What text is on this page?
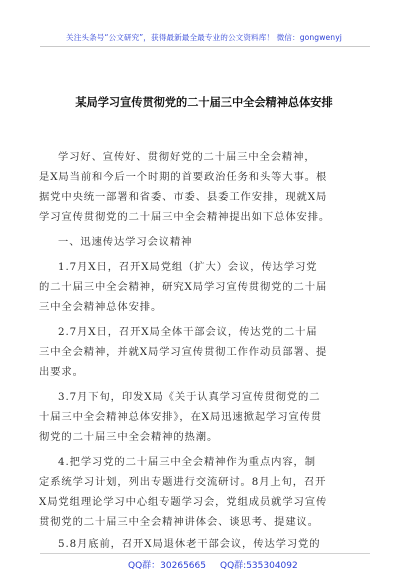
关注头条号“公文研究”，获得最新最全最专业的公文资料库！ 微信：gongwenyj
某局学习宣传贯彻党的二十届三中全会精神总体安排
学习好、宣传好、贯彻好党的二十届三中全会精神，
是X局当前和今后一个时期的首要政治任务和头等大事。根
据党中央统一部署和省委、市委、县委工作安排，现就X局
学习宣传贯彻党的二十届三中全会精神提出如下总体安排。
一、迅速传达学习会议精神
1.7月X日，召开X局党组（扩大）会议，传达学习党
的二十届三中全会精神，研究X局学习宣传贯彻党的二十届
三中全会精神总体安排。
2.7月X日，召开X局全体干部会议，传达党的二十届
三中全会精神，并就X局学习宣传贯彻工作作动员部署、提
出要求。
3.7月下旬，印发X局《关于认真学习宣传贯彻党的二
十届三中全会精神总体安排》，在X局迅速掀起学习宣传贯
彻党的二十届三中全会精神的热潮。
4.把学习党的二十届三中全会精神作为重点内容，制
定系统学习计划，列出专题进行交流研讨。8月上旬，召开
X局党组理论学习中心组专题学习会，党组成员就学习宣传
贯彻党的二十届三中全会精神讲体会、谈思考、提建议。
5.8月底前，召开X局退休老干部会议，传达学习党的
QQ群：30265665 QQ群:535304092
